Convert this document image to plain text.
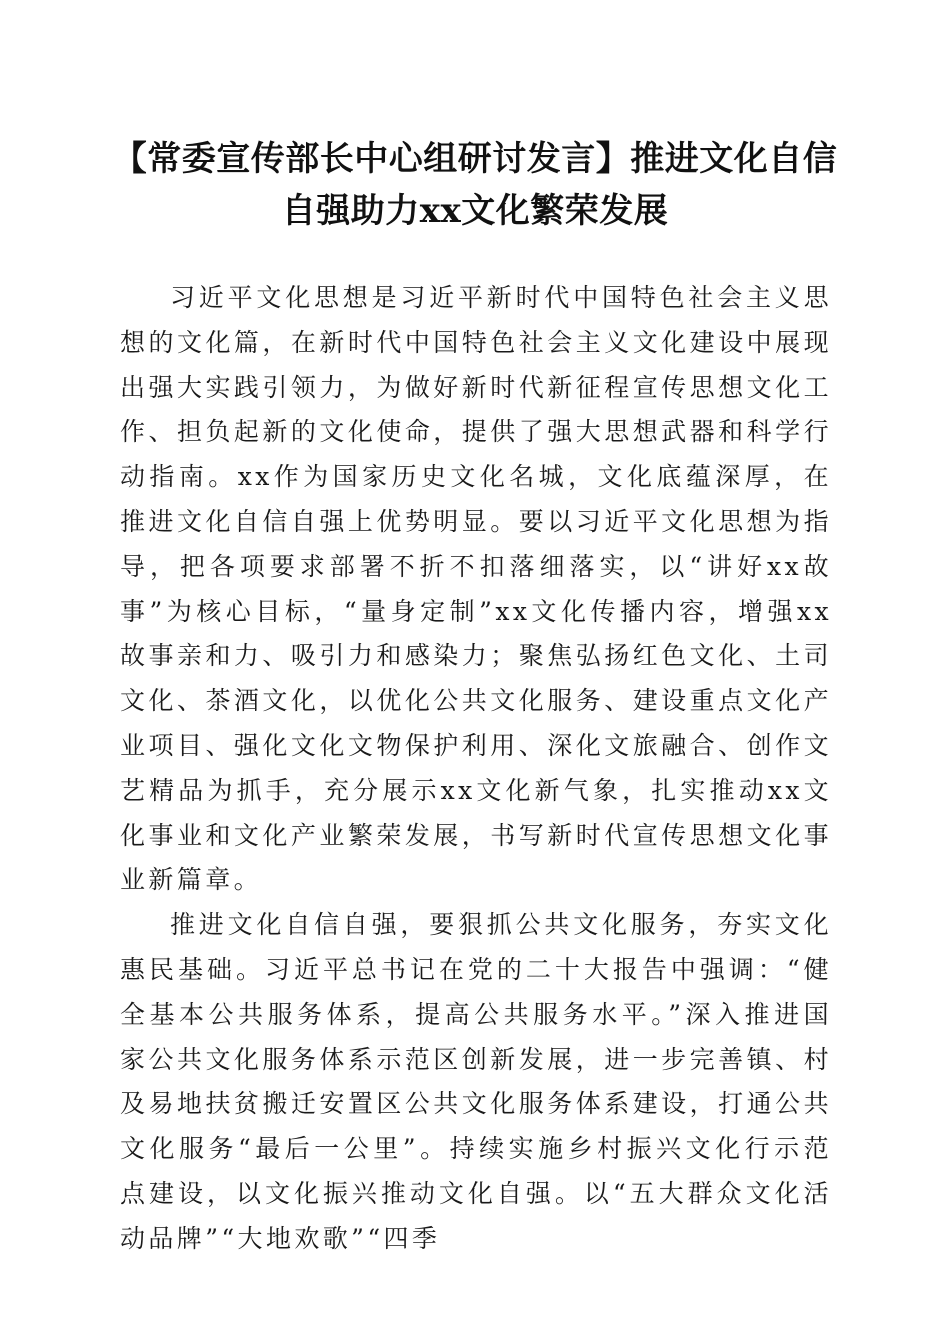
【常委宣传部长中心组研讨发言】推进文化自信自强助力xx文化繁荣发展

习近平文化思想是习近平新时代中国特色社会主义思想的文化篇，在新时代中国特色社会主义文化建设中展现出强大实践引领力，为做好新时代新征程宣传思想文化工作、担负起新的文化使命，提供了强大思想武器和科学行动指南。xx作为国家历史文化名城，文化底蕴深厚，在推进文化自信自强上优势明显。要以习近平文化思想为指导，把各项要求部署不折不扣落细落实，以“讲好xx故事”为核心目标，“量身定制”xx文化传播内容，增强xx故事亲和力、吸引力和感染力；聚焦弘扬红色文化、土司文化、茶酒文化，以优化公共文化服务、建设重点文化产业项目、强化文化文物保护利用、深化文旅融合、创作文艺精品为抓手，充分展示xx文化新气象，扎实推动xx文化事业和文化产业繁荣发展，书写新时代宣传思想文化事业新篇章。

推进文化自信自强，要狠抓公共文化服务，夯实文化惠民基础。习近平总书记在党的二十大报告中强调：“健全基本公共服务体系，提高公共服务水平。”深入推进国家公共文化服务体系示范区创新发展，进一步完善镇、村及易地扶贫搬迁安置区公共文化服务体系建设，打通公共文化服务“最后一公里”。持续实施乡村振兴文化行示范点建设，以文化振兴推动文化自强。以“五大群众文化活动品牌”“大地欢歌”“四季
